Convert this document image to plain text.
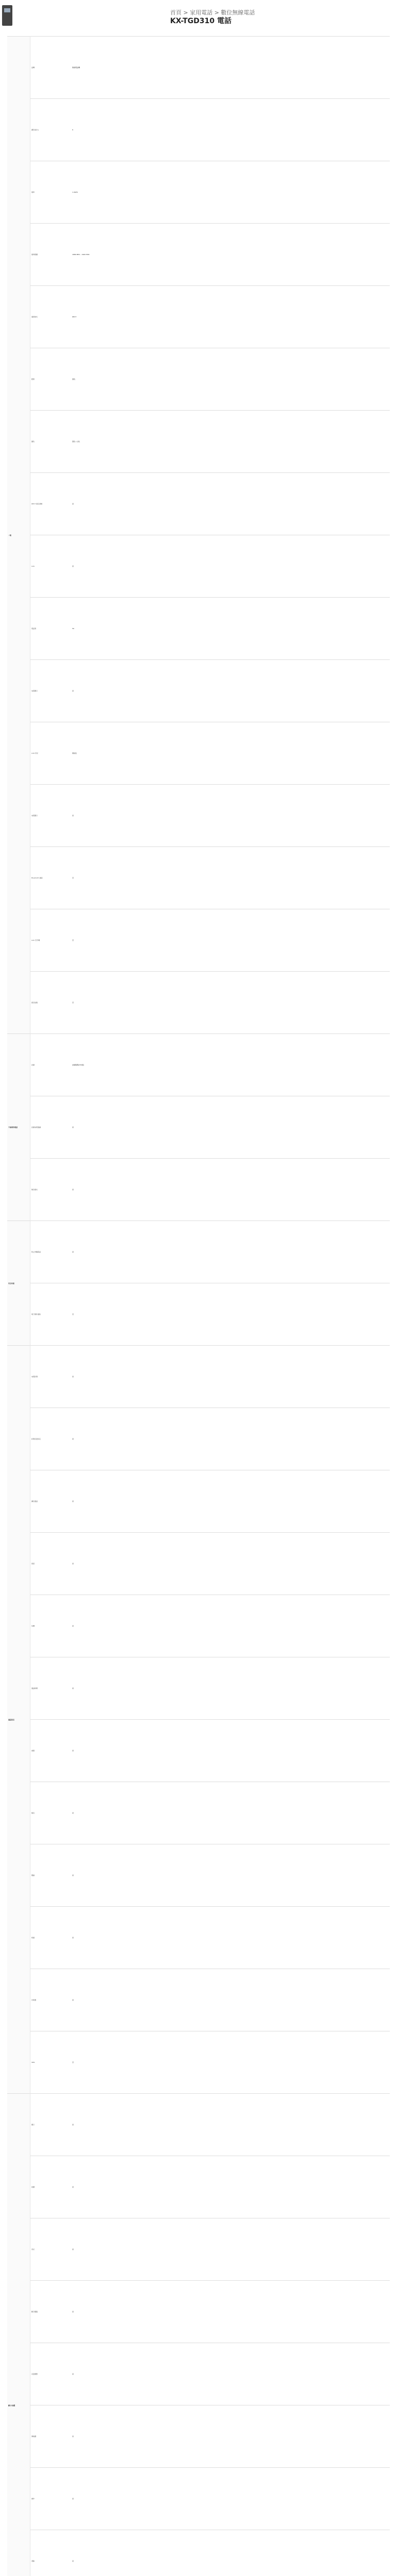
首頁 > 家用電話 > 數位無線電話
KX-TGD310 電話
一般	話機	無線電話機
	擴充(最大)	6
	頻率	1.9GHz
	頻率範圍	1880 MHz – 1900 MHz
	通訊制式	DECT
	聽筒	黑色
	顏色	黑色 / 白色
	DECT 語音清晰	是
	Link	是
	電話簿	50
	來電顯示	是
	LCD 背光	琥珀色
	來電顯示	是
	Bluetooth 連接	否
	Link 至手機	否
	語音信箱	否
不需要的電話	封鎖	封鎖號碼(250組)
	封鎖來電過濾	是
	靜音模式	是
安全功能	防止詐騙電話	是
	電子郵件通知	否
通話設定	來電鈴聲	是
	鈴聲音量設定	是
	擴音通話	是
	保留	是
	待機	是
	通話時間	是
	重撥	是
	靜音	是
	鬧鐘	是
	時鐘	是
	計時器	是
	SMS	否
顯示/按鍵	顯示	是
	按鍵	是
	背光	是
	數字鍵盤	是
	音量調整	是
	導航鍵	是
	操作	是
	清除	是
